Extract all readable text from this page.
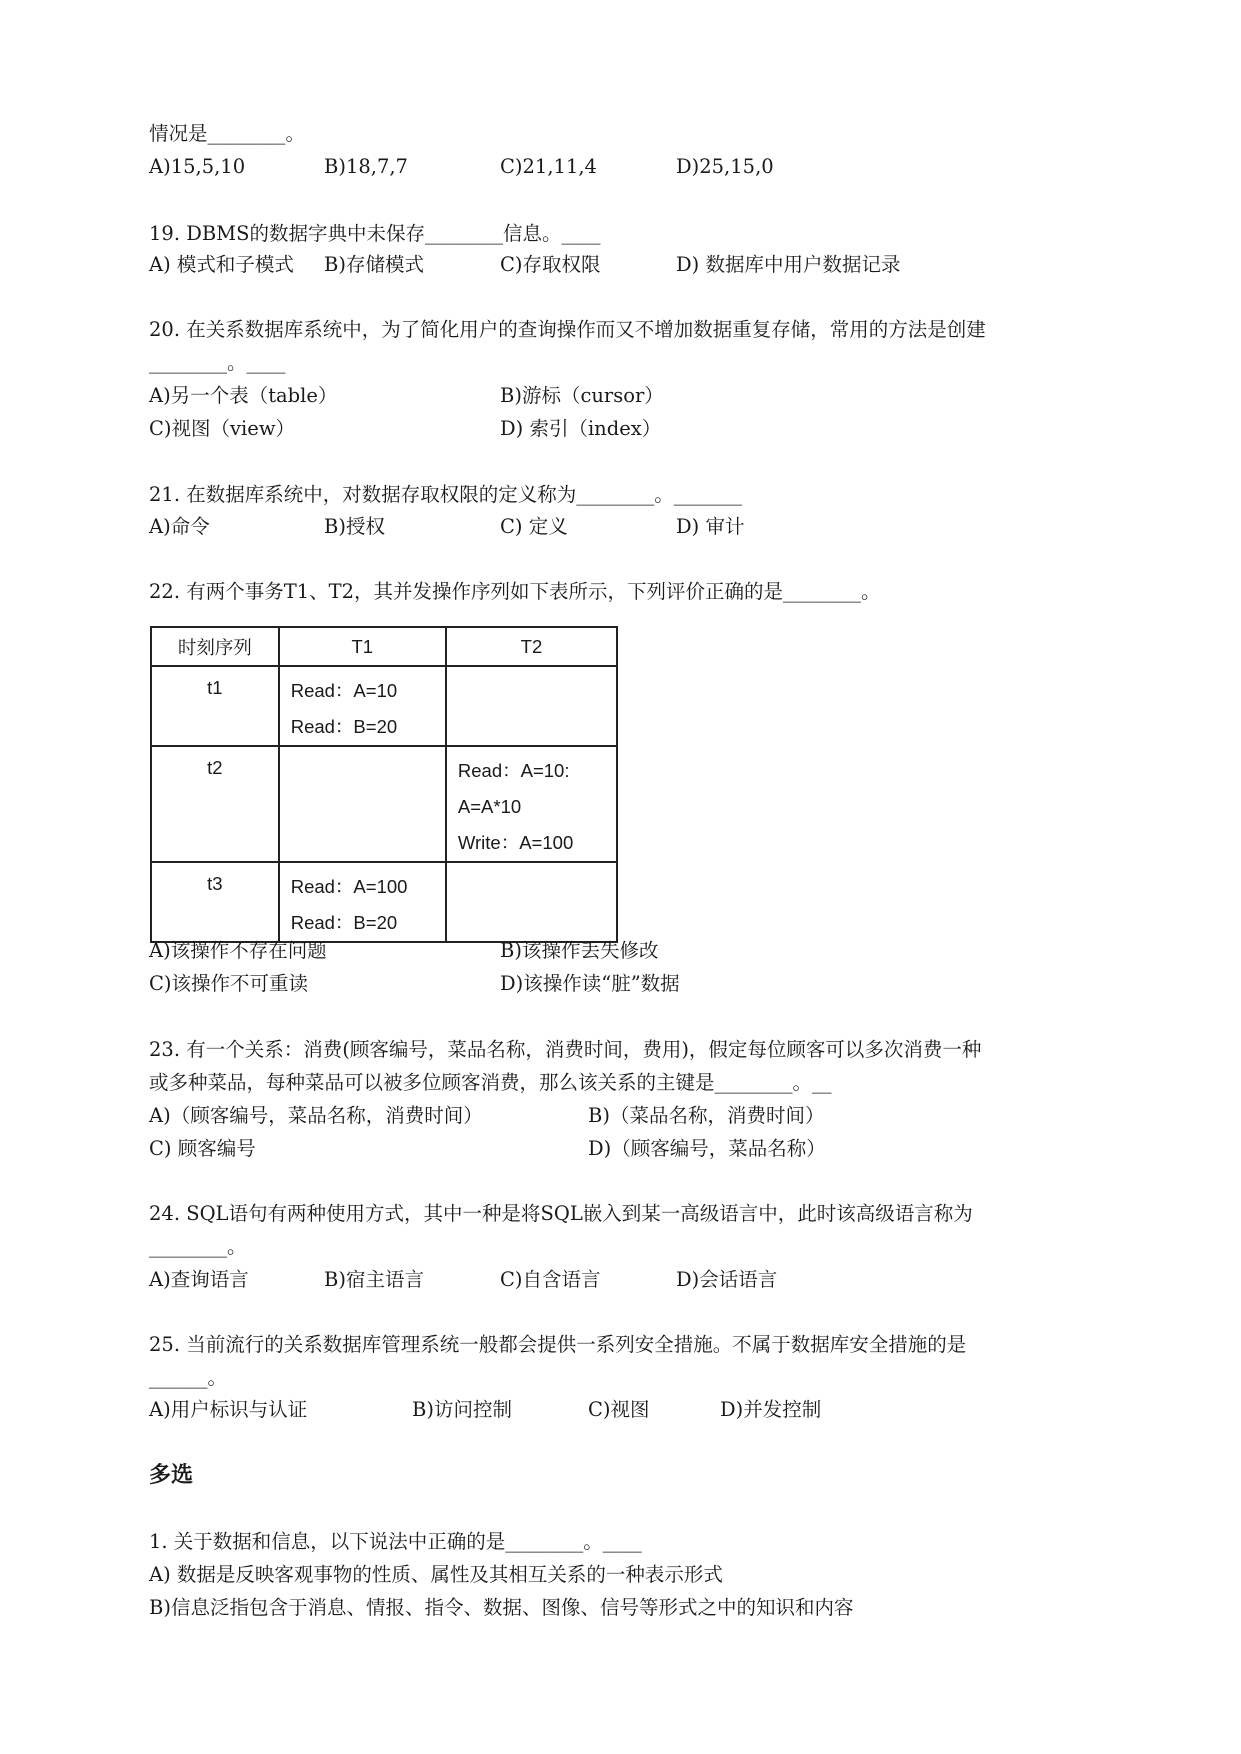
情况是________。
A)15,5,10	B)18,7,7	C)21,11,4	D)25,15,0
19. DBMS的数据字典中未保存________信息。____
A) 模式和子模式 B)存储模式	C)存取权限	D) 数据库中用户数据记录
20. 在关系数据库系统中，为了简化用户的查询操作而又不增加数据重复存储，常用的方法是创建
________。____
A)另一个表（table）	B)游标（cursor）
C)视图（view）	D) 索引（index）
21. 在数据库系统中，对数据存取权限的定义称为________。_______
A)命令	B)授权	C) 定义	D) 审计
22. 有两个事务T1、T2，其并发操作序列如下表所示，下列评价正确的是________。
时刻序列	T1	T2
t1	Read：A=10
Read：B=20	

t2		Read：A=10:
A=A*10
Write：A=100

t3	Read：A=100
Read：B=20	

A)该操作不存在问题	B)该操作丢失修改
C)该操作不可重读	D)该操作读“脏”数据
23. 有一个关系：消费(顾客编号，菜品名称，消费时间，费用)，假定每位顾客可以多次消费一种
或多种菜品，每种菜品可以被多位顾客消费，那么该关系的主键是________。__
A)（顾客编号，菜品名称，消费时间）	B)（菜品名称，消费时间）
C) 顾客编号	D)（顾客编号，菜品名称）
24. SQL语句有两种使用方式，其中一种是将SQL嵌入到某一高级语言中，此时该高级语言称为
________。
A)查询语言	B)宿主语言	C)自含语言	D)会话语言
25. 当前流行的关系数据库管理系统一般都会提供一系列安全措施。不属于数据库安全措施的是
______。
A)用户标识与认证	B)访问控制	C)视图	D)并发控制
多选
1. 关于数据和信息，以下说法中正确的是________。____
A) 数据是反映客观事物的性质、属性及其相互关系的一种表示形式
B)信息泛指包含于消息、情报、指令、数据、图像、信号等形式之中的知识和内容
